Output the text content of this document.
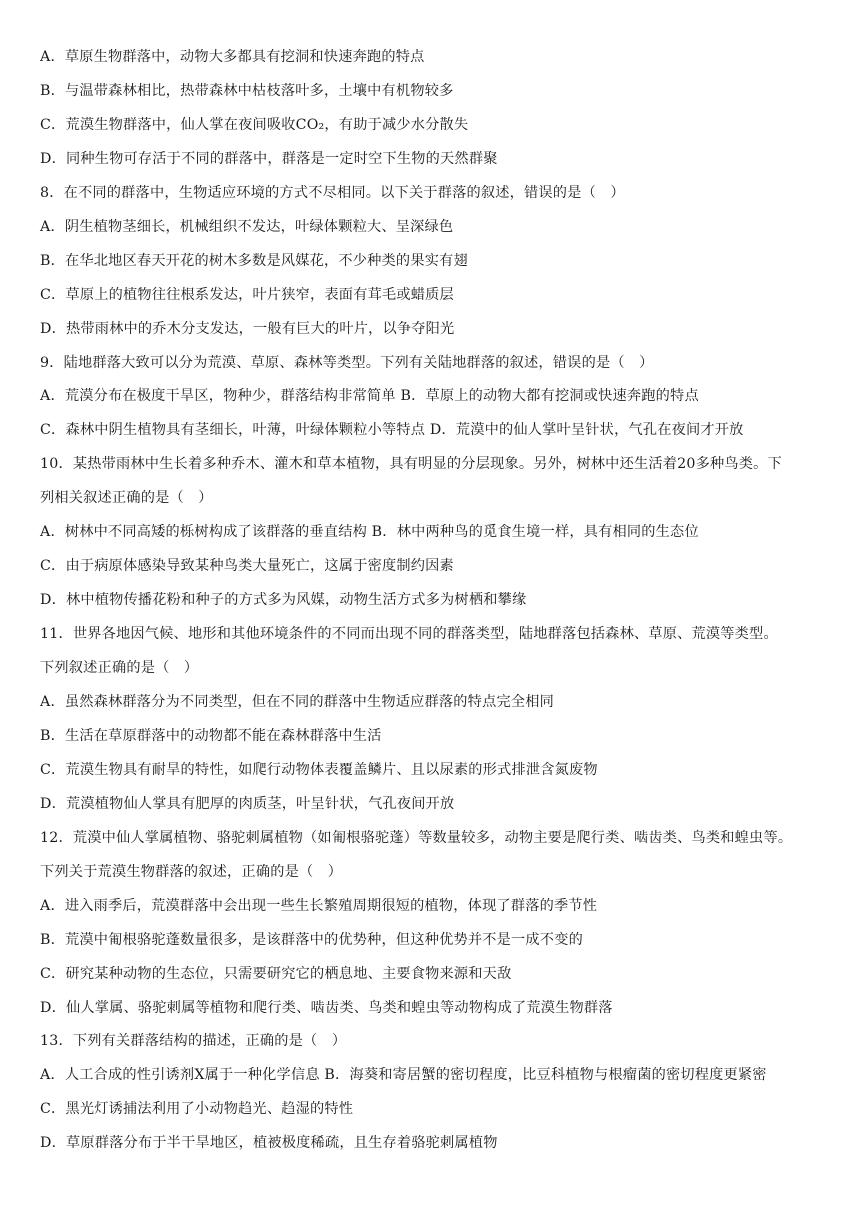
A．草原生物群落中，动物大多都具有挖洞和快速奔跑的特点
B．与温带森林相比，热带森林中枯枝落叶多，土壤中有机物较多
C．荒漠生物群落中，仙人掌在夜间吸收CO₂，有助于减少水分散失
D．同种生物可存活于不同的群落中，群落是一定时空下生物的天然群聚
8．在不同的群落中，生物适应环境的方式不尽相同。以下关于群落的叙述，错误的是（　）
A．阴生植物茎细长，机械组织不发达，叶绿体颗粒大、呈深绿色
B．在华北地区春天开花的树木多数是风媒花，不少种类的果实有翅
C．草原上的植物往往根系发达，叶片狭窄，表面有茸毛或蜡质层
D．热带雨林中的乔木分支发达，一般有巨大的叶片，以争夺阳光
9．陆地群落大致可以分为荒漠、草原、森林等类型。下列有关陆地群落的叙述，错误的是（　）
A．荒漠分布在极度干旱区，物种少，群落结构非常简单 B．草原上的动物大都有挖洞或快速奔跑的特点
C．森林中阴生植物具有茎细长，叶薄，叶绿体颗粒小等特点 D．荒漠中的仙人掌叶呈针状，气孔在夜间才开放
10．某热带雨林中生长着多种乔木、灌木和草本植物，具有明显的分层现象。另外，树林中还生活着20多种鸟类。下
列相关叙述正确的是（　）
A．树林中不同高矮的栎树构成了该群落的垂直结构 B．林中两种鸟的觅食生境一样，具有相同的生态位
C．由于病原体感染导致某种鸟类大量死亡，这属于密度制约因素
D．林中植物传播花粉和种子的方式多为风媒，动物生活方式多为树栖和攀缘
11．世界各地因气候、地形和其他环境条件的不同而出现不同的群落类型，陆地群落包括森林、草原、荒漠等类型。
下列叙述正确的是（　）
A．虽然森林群落分为不同类型，但在不同的群落中生物适应群落的特点完全相同
B．生活在草原群落中的动物都不能在森林群落中生活
C．荒漠生物具有耐旱的特性，如爬行动物体表覆盖鳞片、且以尿素的形式排泄含氮废物
D．荒漠植物仙人掌具有肥厚的肉质茎，叶呈针状，气孔夜间开放
12．荒漠中仙人掌属植物、骆驼刺属植物（如匍根骆驼蓬）等数量较多，动物主要是爬行类、啮齿类、鸟类和蝗虫等。
下列关于荒漠生物群落的叙述，正确的是（　）
A．进入雨季后，荒漠群落中会出现一些生长繁殖周期很短的植物，体现了群落的季节性
B．荒漠中匍根骆驼蓬数量很多，是该群落中的优势种，但这种优势并不是一成不变的
C．研究某种动物的生态位，只需要研究它的栖息地、主要食物来源和天敌
D．仙人掌属、骆驼刺属等植物和爬行类、啮齿类、鸟类和蝗虫等动物构成了荒漠生物群落
13．下列有关群落结构的描述，正确的是（　）
A．人工合成的性引诱剂X属于一种化学信息 B．海葵和寄居蟹的密切程度，比豆科植物与根瘤菌的密切程度更紧密
C．黑光灯诱捕法利用了小动物趋光、趋湿的特性
D．草原群落分布于半干旱地区，植被极度稀疏，且生存着骆驼刺属植物
